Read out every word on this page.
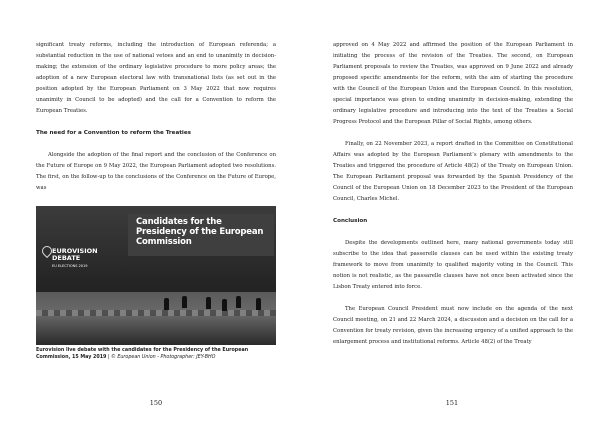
significant treaty reforms, including the introduction of European referenda; a substantial reduction in the use of national vetoes and an end to unanimity in decision-making; the extension of the ordinary legislative procedure to more policy areas; the adoption of a new European electoral law with transnational lists (as set out in the position adopted by the European Parliament on 3 May 2022 that now requires unanimity in Council to be adopted) and the call for a Convention to reform the European Treaties.

The need for a Convention to reform the Treaties

Alongside the adoption of the final report and the conclusion of the Conference on the Future of Europe on 9 May 2022, the European Parliament adopted two resolutions. The first, on the follow-up to the conclusions of the Conference on the Future of Europe, was

Candidates for the Presidency of the European Commission
EUROVISION
DEBATE
EU ELECTIONS 2019

Eurovision live debate with the candidates for the Presidency of the European Commission, 15 May 2019 | © European Union - Photographer: JEY-BHO

approved on 4 May 2022 and affirmed the position of the European Parliament in initiating the process of the revision of the Treaties. The second, on European Parliament proposals to review the Treaties, was approved on 9 June 2022 and already proposed specific amendments for the reform, with the aim of starting the procedure with the Council of the European Union and the European Council. In this resolution, special importance was given to ending unanimity in decision-making, extending the ordinary legislative procedure and introducing into the text of the Treaties a Social Progress Protocol and the European Pillar of Social Rights, among others.

Finally, on 22 November 2023, a report drafted in the Committee on Constitutional Affairs was adopted by the European Parliament’s plenary with amendments to the Treaties and triggered the procedure of Article 48(2) of the Treaty on European Union. The European Parliament proposal was forwarded by the Spanish Presidency of the Council of the European Union on 18 December 2023 to the President of the European Council, Charles Michel.

Conclusion

Despite the developments outlined here, many national governments today still subscribe to the idea that passerelle clauses can be used within the existing treaty framework to move from unanimity to qualified majority voting in the Council. This notion is not realistic, as the passarelle clauses have not once been activated since the Lisbon Treaty entered into force.

The European Council President must now include on the agenda of the next Council meeting, on 21 and 22 March 2024, a discussion and a decision on the call for a Convention for treaty revision, given the increasing urgency of a unified approach to the enlargement process and institutional reforms. Article 48(2) of the Treaty

150	151
